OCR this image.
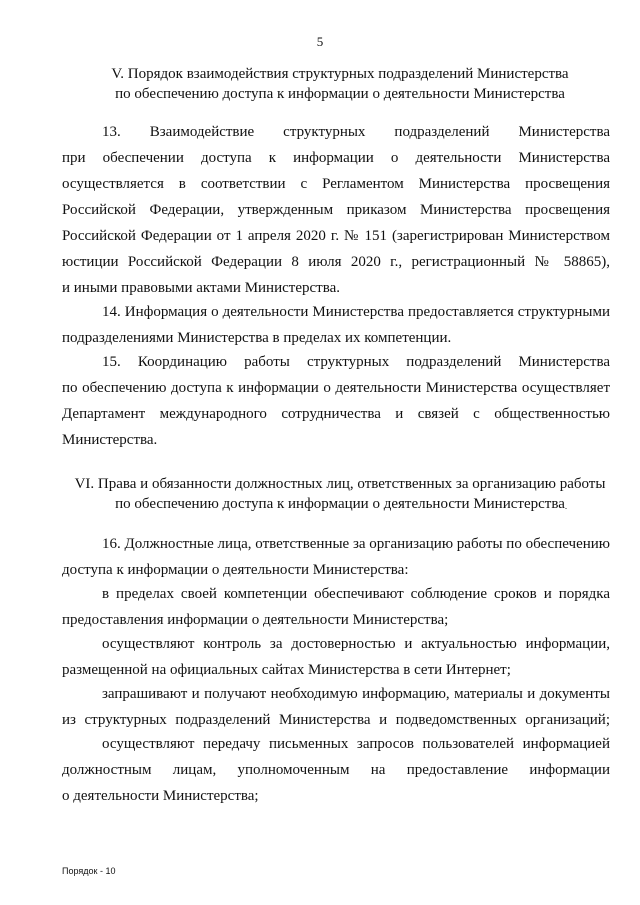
5
V. Порядок взаимодействия структурных подразделений Министерства
по обеспечению доступа к информации о деятельности Министерства
13. Взаимодействие структурных подразделений Министерства
при обеспечении доступа к информации о деятельности Министерства
осуществляется в соответствии с Регламентом Министерства просвещения
Российской Федерации, утвержденным приказом Министерства просвещения
Российской Федерации от 1 апреля 2020 г. № 151 (зарегистрирован Министерством
юстиции Российской Федерации 8 июля 2020 г., регистрационный № 58865),
и иными правовыми актами Министерства.
14. Информация о деятельности Министерства предоставляется структурными
подразделениями Министерства в пределах их компетенции.
15. Координацию работы структурных подразделений Министерства
по обеспечению доступа к информации о деятельности Министерства осуществляет
Департамент международного сотрудничества и связей с общественностью
Министерства.
VI. Права и обязанности должностных лиц, ответственных за организацию работы
по обеспечению доступа к информации о деятельности Министерства
16. Должностные лица, ответственные за организацию работы по обеспечению
доступа к информации о деятельности Министерства:
в пределах своей компетенции обеспечивают соблюдение сроков и порядка
предоставления информации о деятельности Министерства;
осуществляют контроль за достоверностью и актуальностью информации,
размещенной на официальных сайтах Министерства в сети Интернет;
запрашивают и получают необходимую информацию, материалы и документы
из структурных подразделений Министерства и подведомственных организаций;
осуществляют передачу письменных запросов пользователей информацией
должностным лицам, уполномоченным на предоставление информации
о деятельности Министерства;
Порядок - 10
